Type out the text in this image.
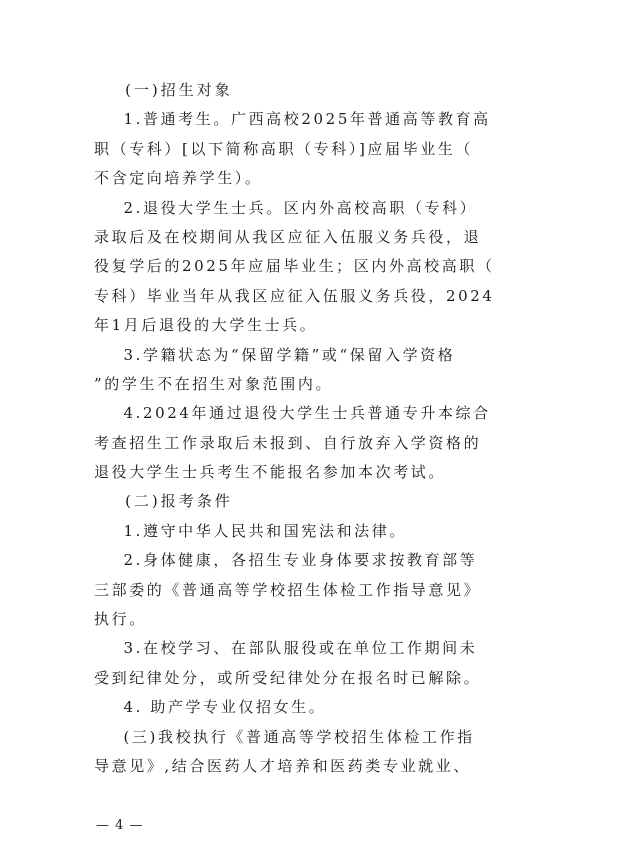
(一)招生对象
1.普通考生。广西高校2025年普通高等教育高
职（专科）[以下简称高职（专科）]应届毕业生（
不含定向培养学生）。
2.退役大学生士兵。区内外高校高职（专科）
录取后及在校期间从我区应征入伍服义务兵役，退
役复学后的2025年应届毕业生；区内外高校高职（
专科）毕业当年从我区应征入伍服义务兵役，2024
年1月后退役的大学生士兵。
3.学籍状态为“保留学籍”或“保留入学资格
”的学生不在招生对象范围内。
4.2024年通过退役大学生士兵普通专升本综合
考查招生工作录取后未报到、自行放弃入学资格的
退役大学生士兵考生不能报名参加本次考试。
(二)报考条件
1.遵守中华人民共和国宪法和法律。
2.身体健康，各招生专业身体要求按教育部等
三部委的《普通高等学校招生体检工作指导意见》
执行。
3.在校学习、在部队服役或在单位工作期间未
受到纪律处分，或所受纪律处分在报名时已解除。
4. 助产学专业仅招女生。
(三)我校执行《普通高等学校招生体检工作指
导意见》,结合医药人才培养和医药类专业就业、
— 4 —
